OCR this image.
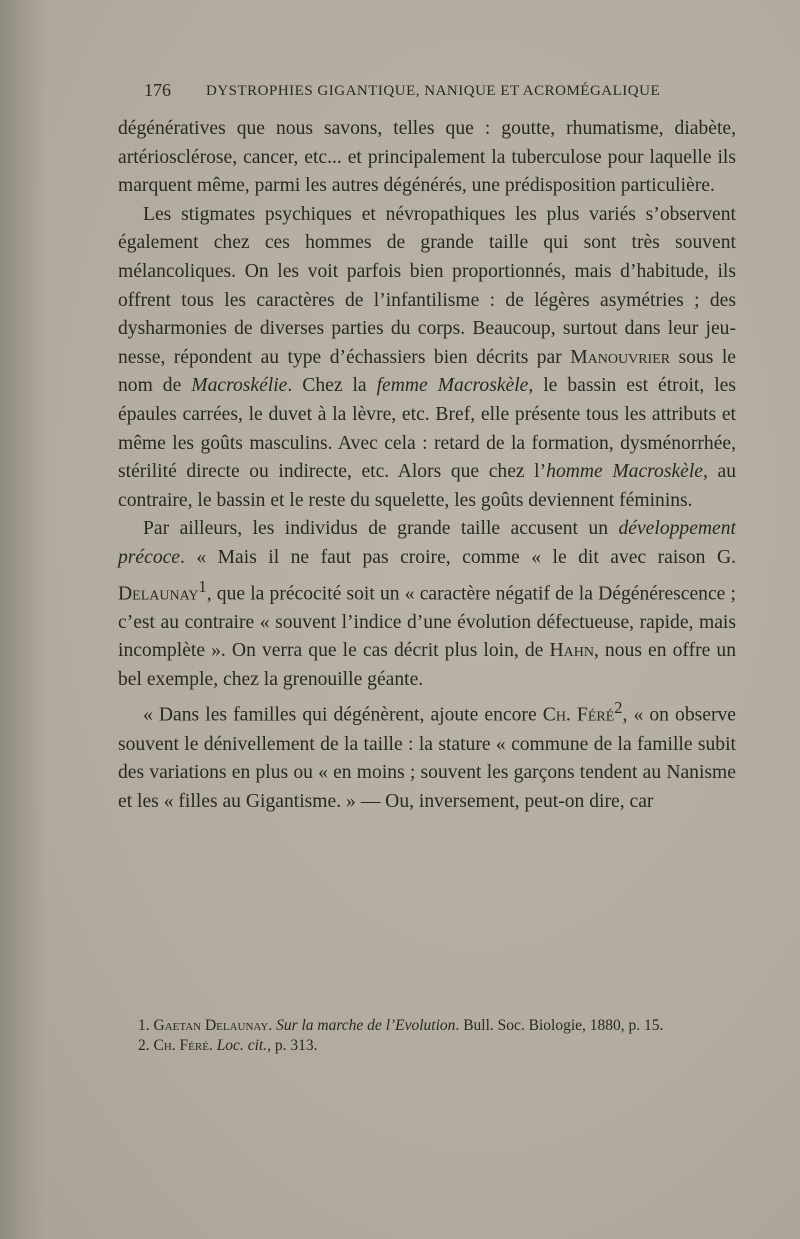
176 DYSTROPHIES GIGANTIQUE, NANIQUE ET ACROMÉGALIQUE

dégénératives que nous savons, telles que : goutte, rhumatisme, diabète, artériosclérose, cancer, etc... et principalement la tuberculose pour laquelle ils marquent même, parmi les autres dégénérés, une prédisposition particulière.

Les stigmates psychiques et névropathiques les plus variés s’observent également chez ces hommes de grande taille qui sont très souvent mélancoliques. On les voit parfois bien proportionnés, mais d’habitude, ils offrent tous les caractères de l’infantilisme : de légères asymétries ; des dysharmonies de diverses parties du corps. Beaucoup, surtout dans leur jeunesse, répondent au type d’échassiers bien décrits par Manouvrier sous le nom de Macroskélie. Chez la femme Macroskèle, le bassin est étroit, les épaules carrées, le duvet à la lèvre, etc. Bref, elle présente tous les attributs et même les goûts masculins. Avec cela : retard de la formation, dysménorrhée, stérilité directe ou indirecte, etc. Alors que chez l’homme Macroskèle, au contraire, le bassin et le reste du squelette, les goûts deviennent féminins.

Par ailleurs, les individus de grande taille accusent un développement précoce. « Mais il ne faut pas croire, comme « le dit avec raison G. Delaunay$^1$, que la précocité soit un « caractère négatif de la Dégénérescence ; c’est au contraire « souvent l’indice d’une évolution défectueuse, rapide, mais incomplète ». On verra que le cas décrit plus loin, de Hahn, nous en offre un bel exemple, chez la grenouille géante.

« Dans les familles qui dégénèrent, ajoute encore Ch. Féré$^2$, « on observe souvent le dénivellement de la taille : la stature « commune de la famille subit des variations en plus ou « en moins ; souvent les garçons tendent au Nanisme et les « filles au Gigantisme. » — Ou, inversement, peut-on dire, car

1. Gaetan Delaunay. Sur la marche de l’Evolution. Bull. Soc. Biologie, 1880, p. 15.

2. Ch. Féré. Loc. cit., p. 313.
